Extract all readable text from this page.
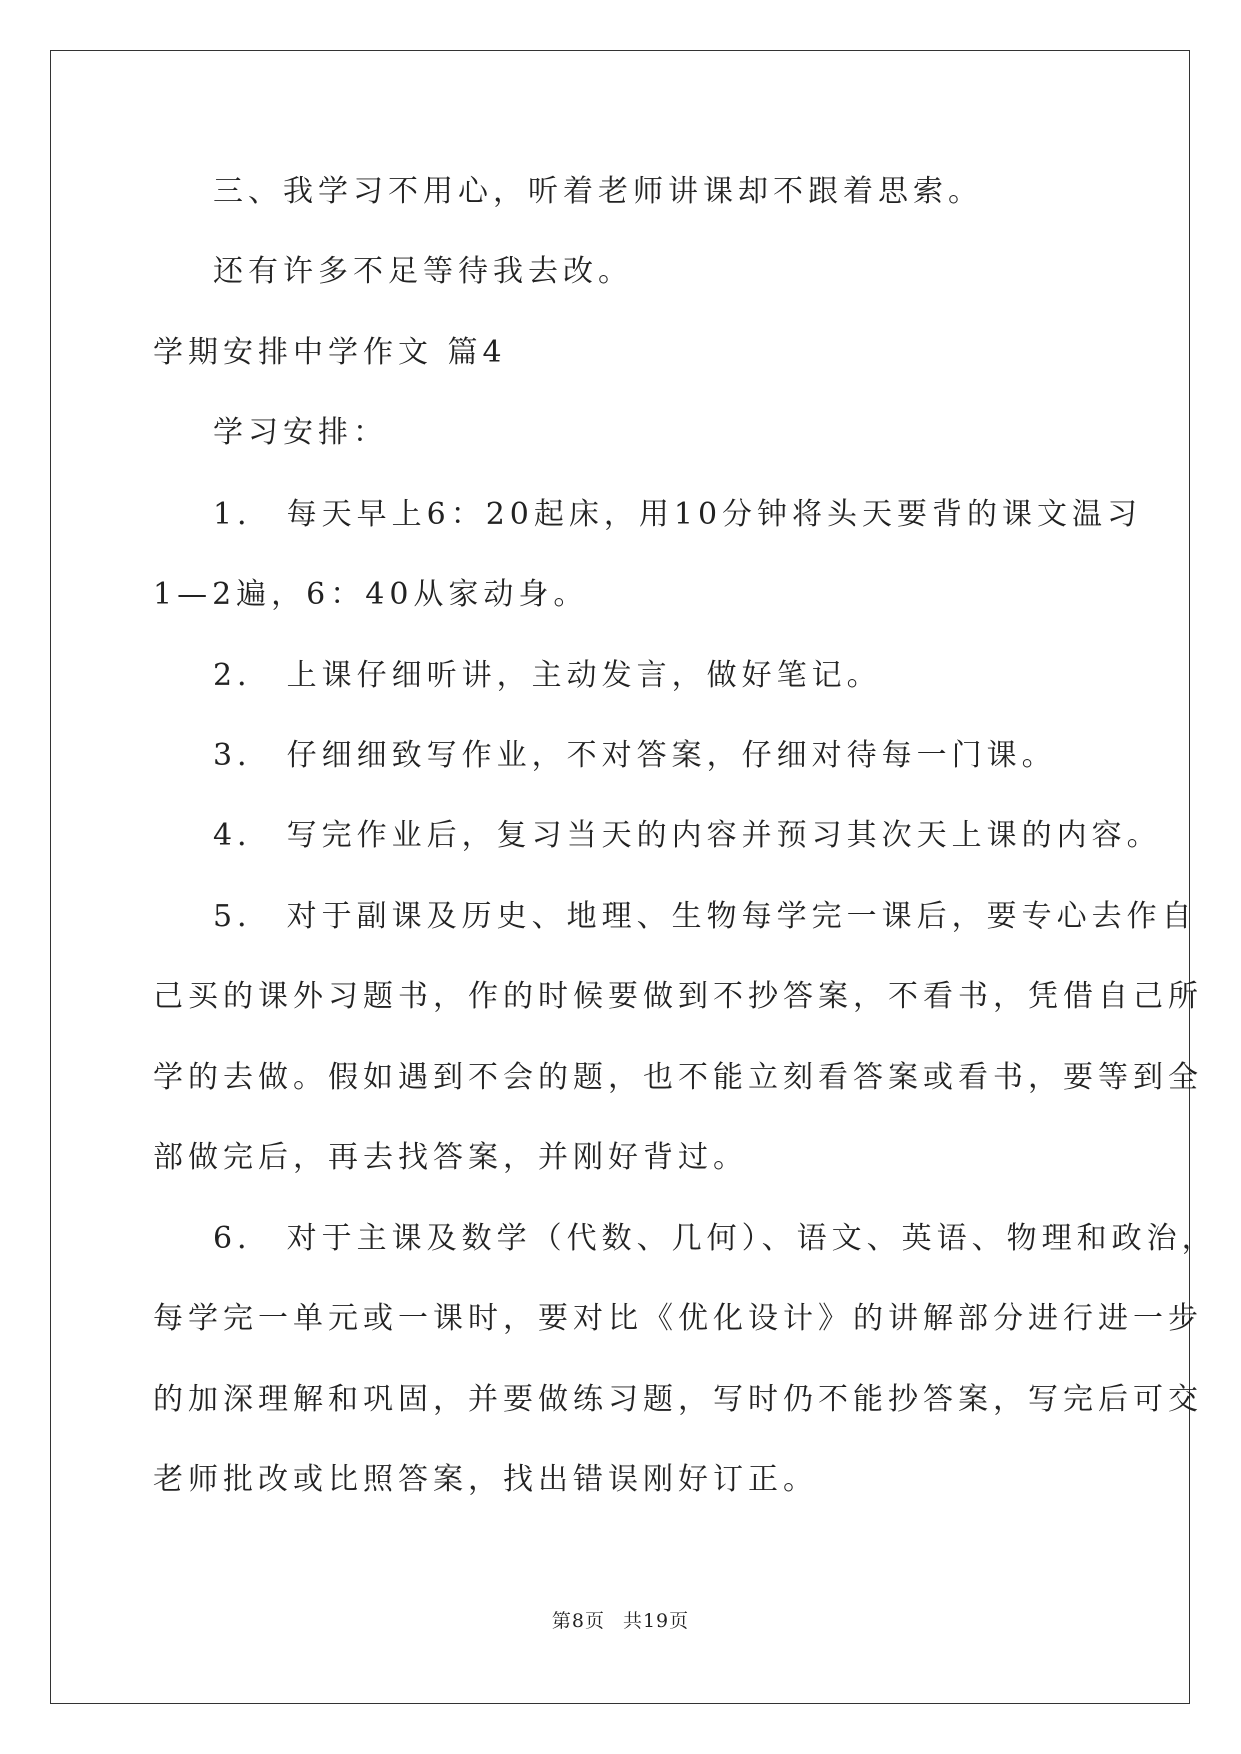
三、我学习不用心，听着老师讲课却不跟着思索。
还有许多不足等待我去改。
学期安排中学作文 篇4
学习安排：
1． 每天早上6：20起床，用10分钟将头天要背的课文温习
1—2遍，6：40从家动身。
2． 上课仔细听讲，主动发言，做好笔记。
3． 仔细细致写作业，不对答案，仔细对待每一门课。
4． 写完作业后，复习当天的内容并预习其次天上课的内容。
5． 对于副课及历史、地理、生物每学完一课后，要专心去作自
己买的课外习题书，作的时候要做到不抄答案，不看书，凭借自己所
学的去做。假如遇到不会的题，也不能立刻看答案或看书，要等到全
部做完后，再去找答案，并刚好背过。
6． 对于主课及数学（代数、几何）、语文、英语、物理和政治，
每学完一单元或一课时，要对比《优化设计》的讲解部分进行进一步
的加深理解和巩固，并要做练习题，写时仍不能抄答案，写完后可交
老师批改或比照答案，找出错误刚好订正。
第8页 共19页
